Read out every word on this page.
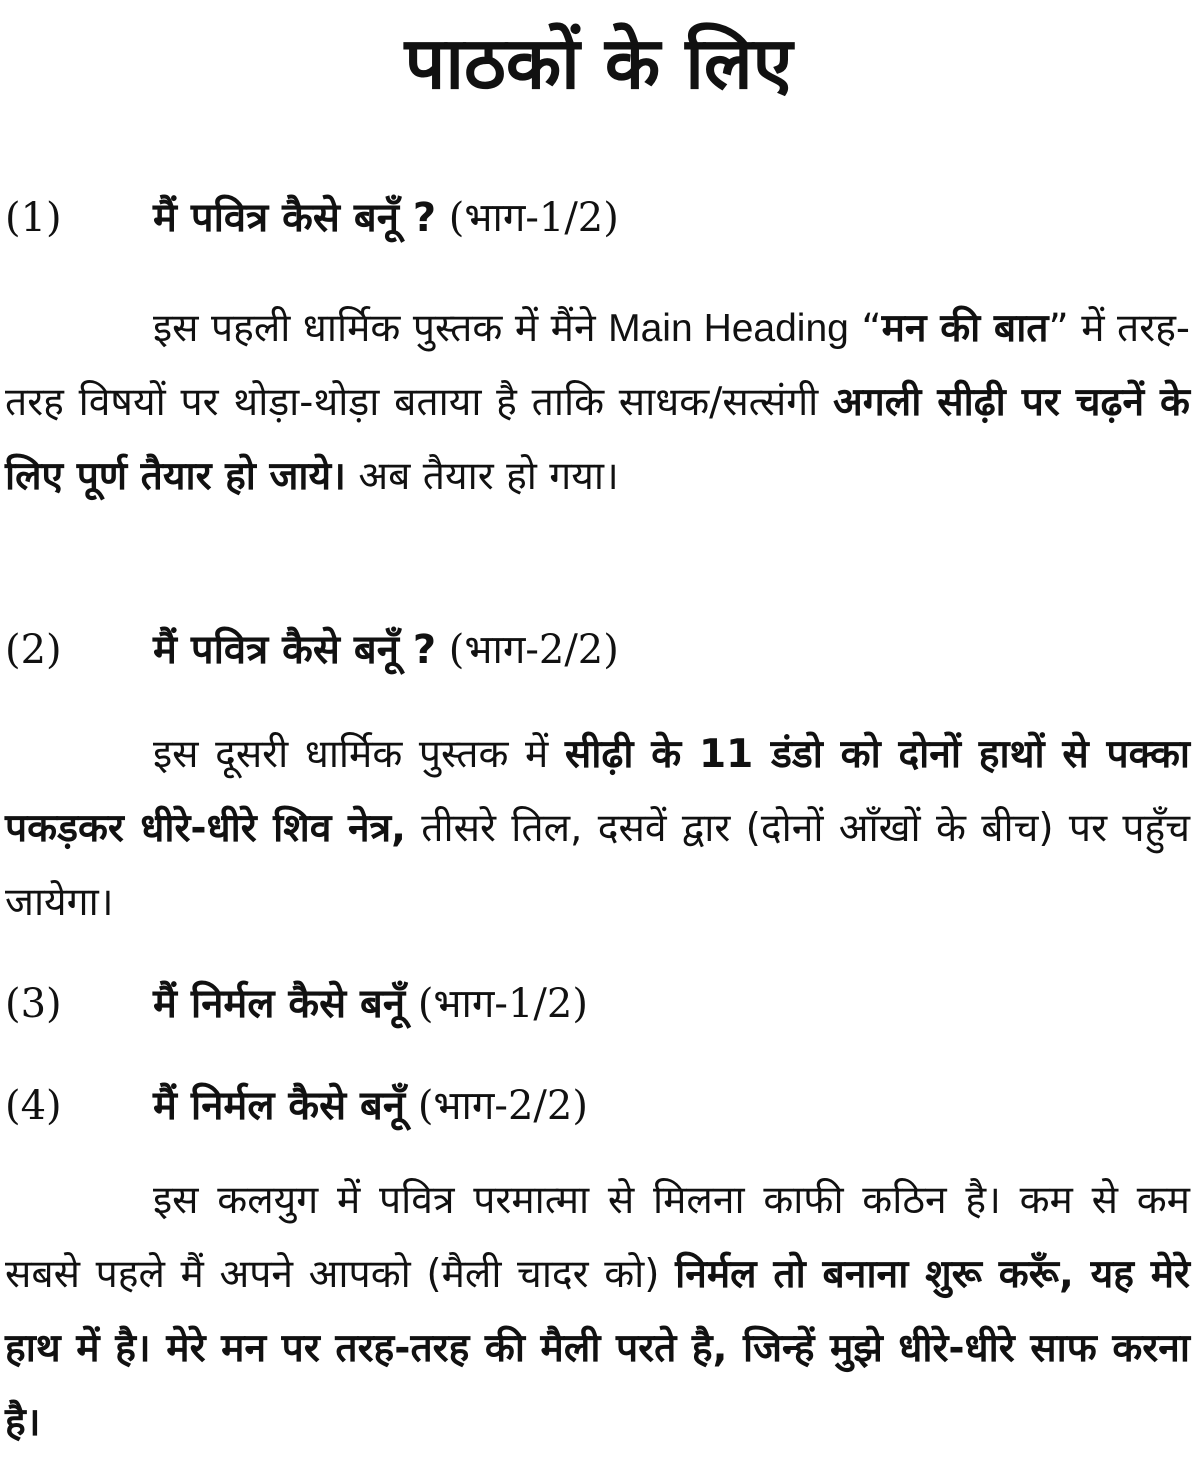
पाठकों के लिए
(1) मैं पवित्र कैसे बनूँ ? (भाग-1/2)

इस पहली धार्मिक पुस्तक में मैंने Main Heading “मन की बात” में तरह-तरह विषयों पर थोड़ा-थोड़ा बताया है ताकि साधक/सत्संगी अगली सीढ़ी पर चढ़नें के लिए पूर्ण तैयार हो जाये। अब तैयार हो गया।

(2) मैं पवित्र कैसे बनूँ ? (भाग-2/2)

इस दूसरी धार्मिक पुस्तक में सीढ़ी के 11 डंडो को दोनों हाथों से पक्का पकड़कर धीरे-धीरे शिव नेत्र, तीसरे तिल, दसवें द्वार (दोनों आँखों के बीच) पर पहुँच जायेगा।

(3) मैं निर्मल कैसे बनूँ (भाग-1/2)
(4) मैं निर्मल कैसे बनूँ (भाग-2/2)

इस कलयुग में पवित्र परमात्मा से मिलना काफी कठिन है। कम से कम सबसे पहले मैं अपने आपको (मैली चादर को) निर्मल तो बनाना शुरू करूँ, यह मेरे हाथ में है। मेरे मन पर तरह-तरह की मैली परते है, जिन्हें मुझे धीरे-धीरे साफ करना है।
